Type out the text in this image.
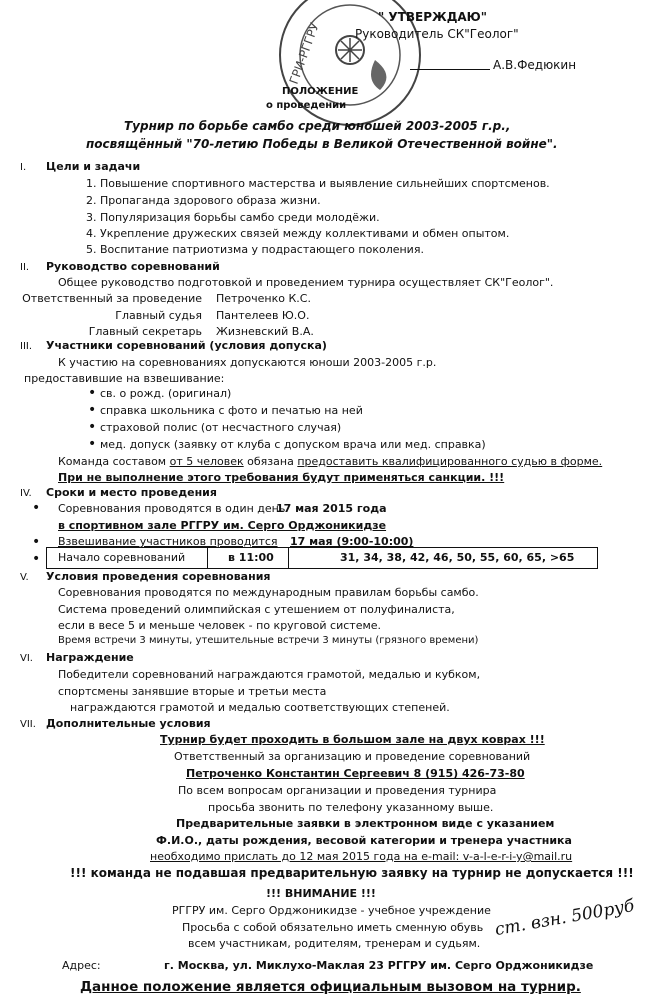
ГРИ-РГГРУ
" УТВЕРЖДАЮ"
Руководитель СК"Геолог"
А.В.Федюкин
ПОЛОЖЕНИЕ
о проведении
Турнир по борьбе самбо среди юношей 2003-2005 г.р.,
посвящённый "70-летию Победы в Великой Отечественной войне".
I. Цели и задачи
1. Повышение спортивного мастерства и выявление сильнейших спортсменов.
2. Пропаганда здорового образа жизни.
3. Популяризация борьбы самбо среди молодёжи.
4. Укрепление дружеских связей между коллективами и обмен опытом.
5. Воспитание патриотизма у подрастающего поколения.
II. Руководство соревнований
Общее руководство подготовкой и проведением турнира осуществляет СК"Геолог".
Ответственный за проведение Петроченко К.С.
Главный судья Пантелеев Ю.О.
Главный секретарь Жизневский В.А.
III. Участники соревнований (условия допуска)
К участию на соревнованиях допускаются юноши 2003-2005 г.р.
предоставившие на взвешивание:
• св. о рожд. (оригинал)
• справка школьника с фото и печатью на ней
• страховой полис (от несчастного случая)
• мед. допуск (заявку от клуба с допуском врача или мед. справка)
Команда составом от 5 человек обязана предоставить квалифицированного судью в форме.
При не выполнение этого требования будут применяться санкции. !!!
IV. Сроки и место проведения
• Соревнования проводятся в один день
17 мая 2015 года
в спортивном зале РГГРУ им. Серго Орджоникидзе
• Взвешивание участников проводится 17 мая (9:00-10:00)
• Начало соревнований	в 11:00	31, 34, 38, 42, 46, 50, 55, 60, 65, >65
V. Условия проведения соревнования
Соревнования проводятся по международным правилам борьбы самбо.
Система проведений олимпийская с утешением от полуфиналиста,
если в весе 5 и меньше человек - по круговой системе.
Время встречи 3 минуты, утешительные встречи 3 минуты (грязного времени)
VI. Награждение
Победители соревнований награждаются грамотой, медалью и кубком,
спортсмены занявшие вторые и третьи места
награждаются грамотой и медалью соответствующих степеней.
VII. Дополнительные условия
Турнир будет проходить в большом зале на двух коврах !!!
Ответственный за организацию и проведение соревнований
Петроченко Константин Сергеевич 8 (915) 426-73-80
По всем вопросам организации и проведения турнира
просьба звонить по телефону указанному выше.
Предварительные заявки в электронном виде с указанием
Ф.И.О., даты рождения, весовой категории и тренера участника
необходимо прислать до 12 мая 2015 года на e-mail: v-a-l-e-r-i-y@mail.ru
!!! команда не подавшая предварительную заявку на турнир не допускается !!!
!!! ВНИМАНИЕ !!!
РГГРУ им. Серго Орджоникидзе - учебное учреждение
Просьба с собой обязательно иметь сменную обувь
всем участникам, родителям, тренерам и судьям.
ст. взн. 500руб
Адрес:	г. Москва, ул. Миклухо-Маклая 23 РГГРУ им. Серго Орджоникидзе
Данное положение является официальным вызовом на турнир.
